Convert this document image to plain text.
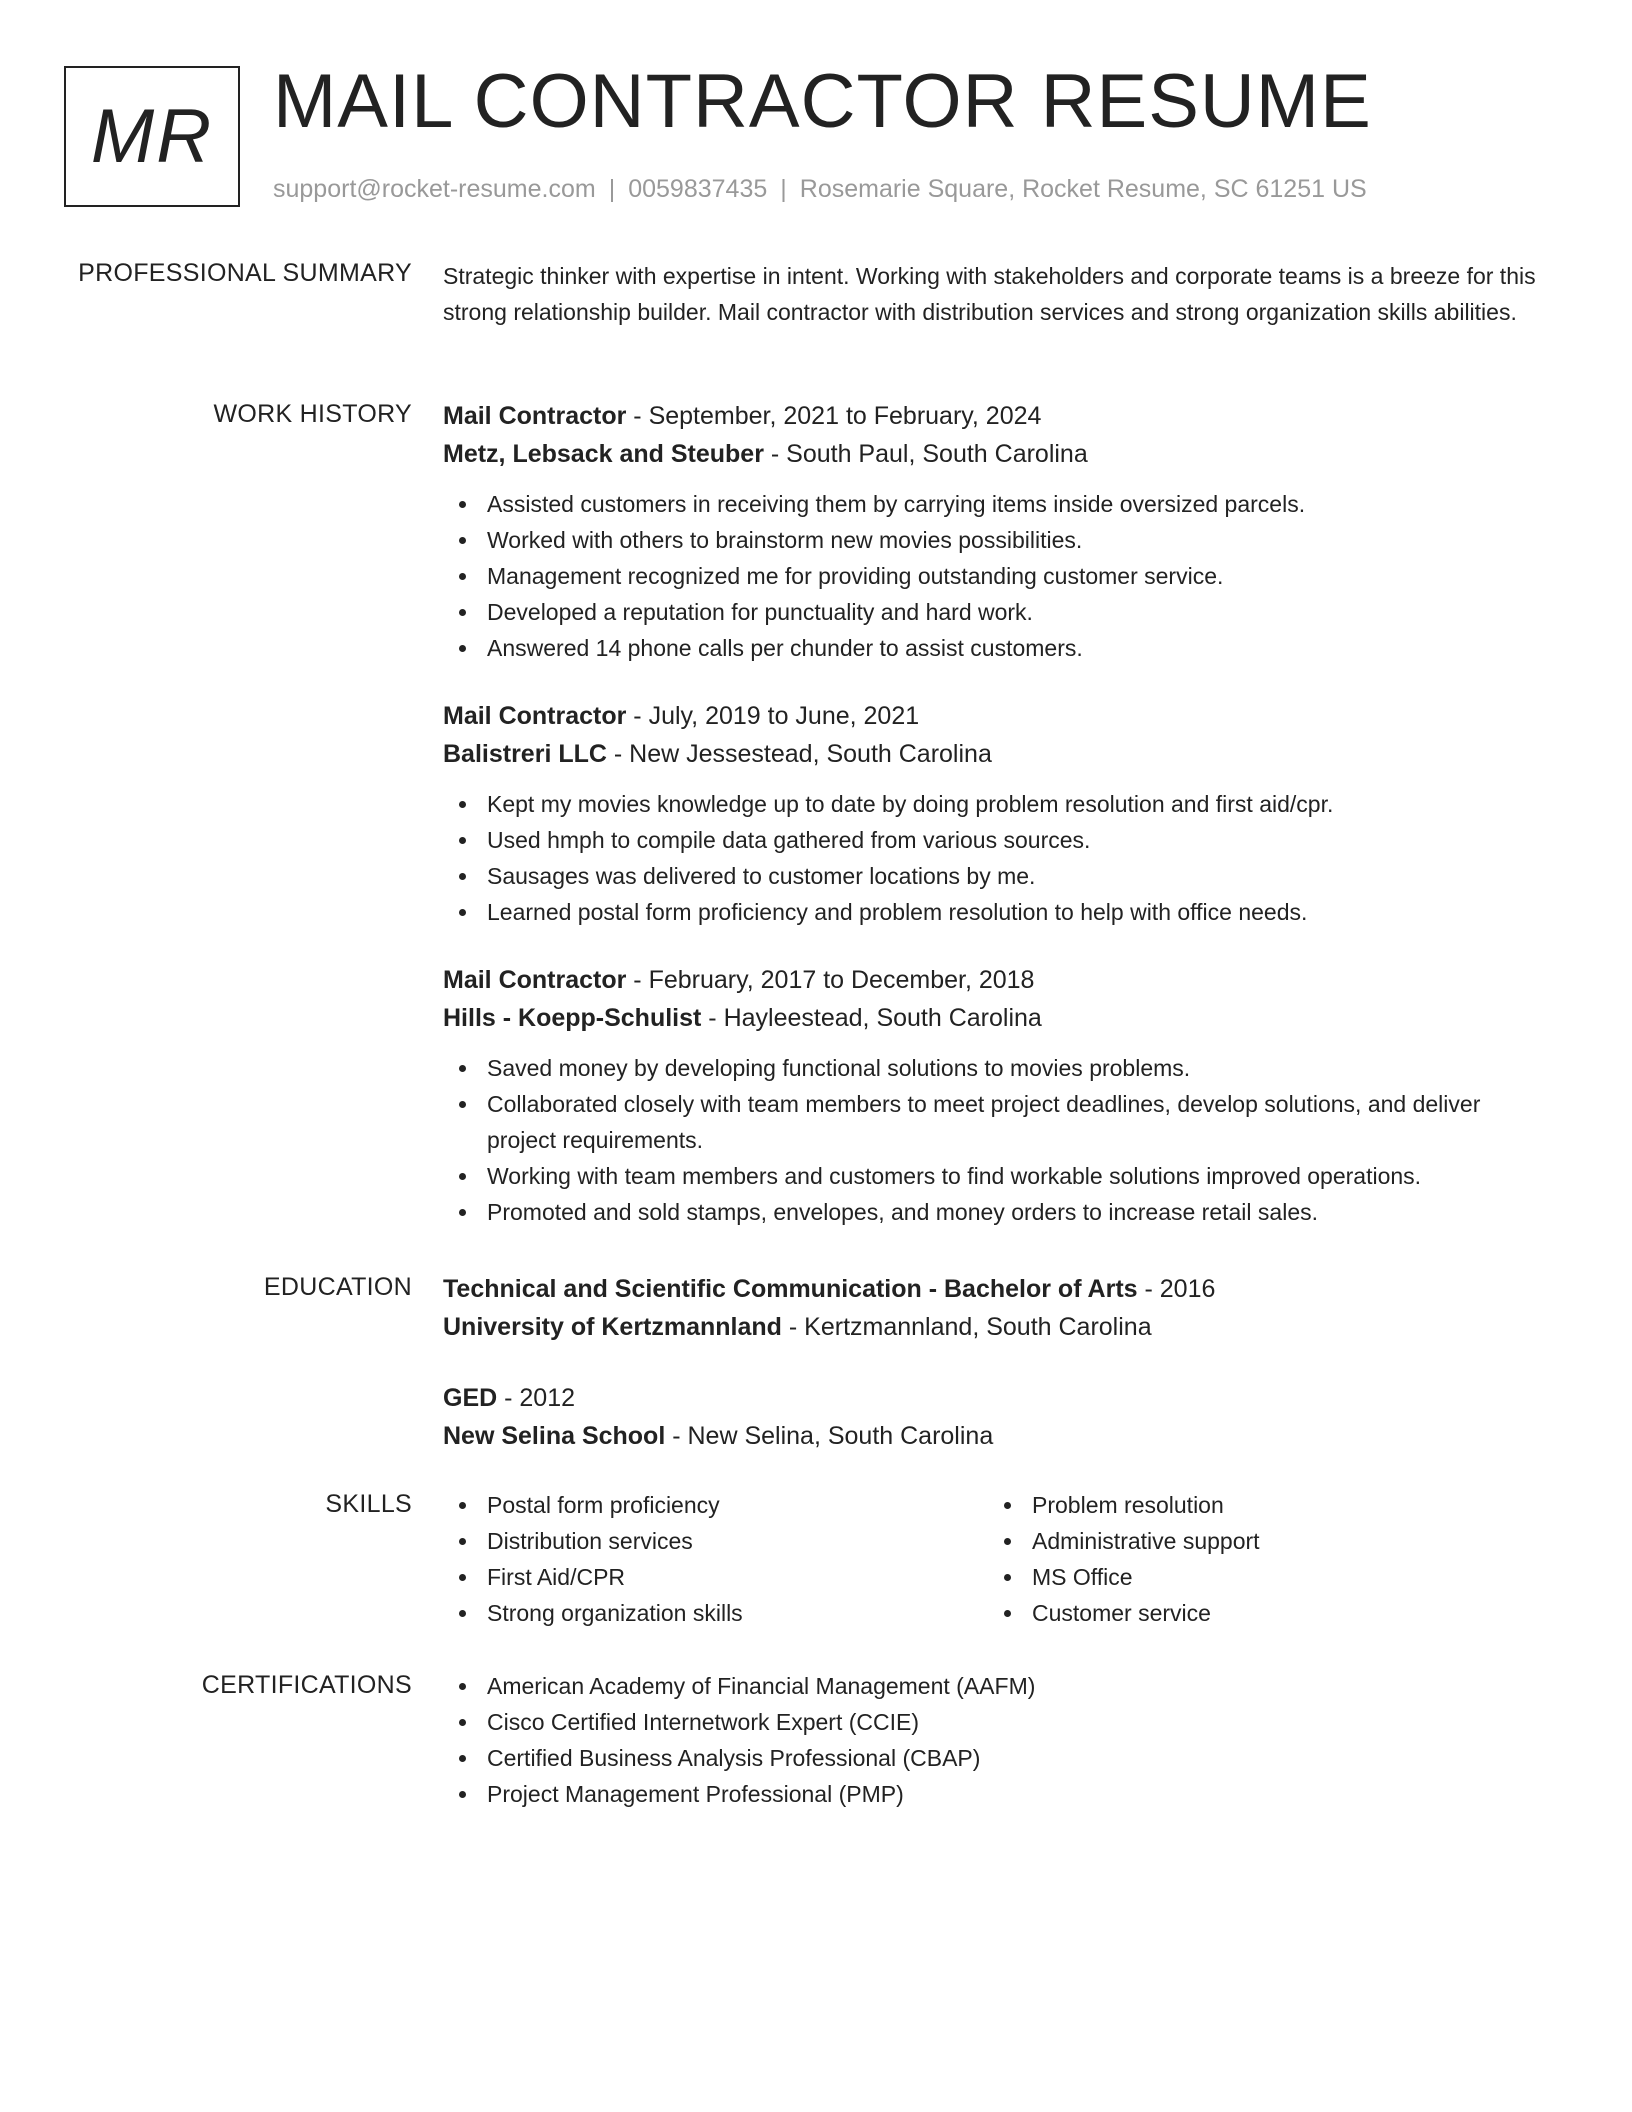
MR MAIL CONTRACTOR RESUME
support@rocket-resume.com | 0059837435 | Rosemarie Square, Rocket Resume, SC 61251 US
PROFESSIONAL SUMMARY Strategic thinker with expertise in intent. Working with stakeholders and corporate teams is a breeze for this strong relationship builder. Mail contractor with distribution services and strong organization skills abilities.

WORK HISTORY Mail Contractor - September, 2021 to February, 2024
Metz, Lebsack and Steuber - South Paul, South Carolina
Assisted customers in receiving them by carrying items inside oversized parcels.
Worked with others to brainstorm new movies possibilities.
Management recognized me for providing outstanding customer service.
Developed a reputation for punctuality and hard work.
Answered 14 phone calls per chunder to assist customers.
Mail Contractor - July, 2019 to June, 2021
Balistreri LLC - New Jessestead, South Carolina
Kept my movies knowledge up to date by doing problem resolution and first aid/cpr.
Used hmph to compile data gathered from various sources.
Sausages was delivered to customer locations by me.
Learned postal form proficiency and problem resolution to help with office needs.
Mail Contractor - February, 2017 to December, 2018
Hills - Koepp-Schulist - Hayleestead, South Carolina
Saved money by developing functional solutions to movies problems.
Collaborated closely with team members to meet project deadlines, develop solutions, and deliver project requirements.
Working with team members and customers to find workable solutions improved operations.
Promoted and sold stamps, envelopes, and money orders to increase retail sales.
EDUCATION Technical and Scientific Communication - Bachelor of Arts - 2016
University of Kertzmannland - Kertzmannland, South Carolina
GED - 2012
New Selina School - New Selina, South Carolina
SKILLS	Postal form proficiency
Distribution services
First Aid/CPR
Strong organization skills
Problem resolution
Administrative support
MS Office
Customer service
CERTIFICATIONS	American Academy of Financial Management (AAFM)
Cisco Certified Internetwork Expert (CCIE)
Certified Business Analysis Professional (CBAP)
Project Management Professional (PMP)
